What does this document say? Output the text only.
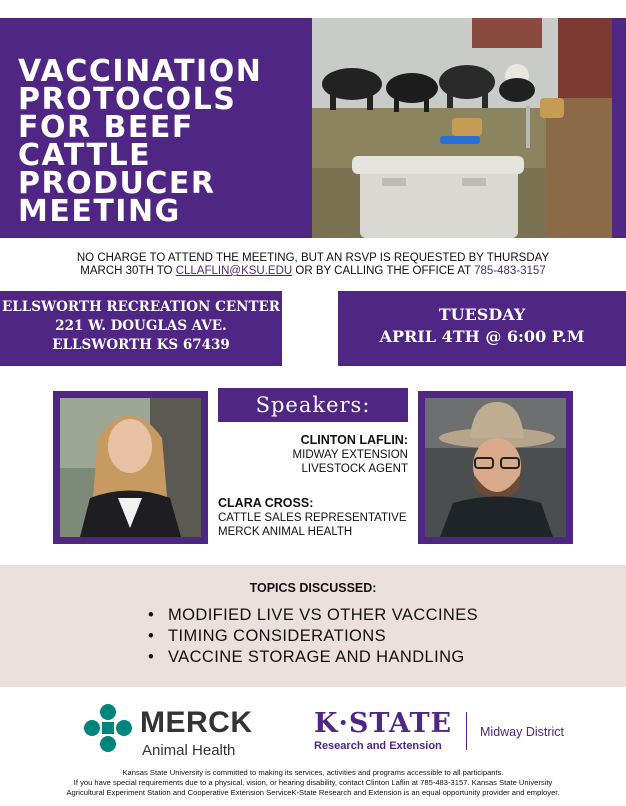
VACCINATION PROTOCOLS FOR BEEF CATTLE PRODUCER MEETING
NO CHARGE TO ATTEND THE MEETING, BUT AN RSVP IS REQUESTED BY THURSDAY
MARCH 30TH TO CLLAFLIN@KSU.EDU OR BY CALLING THE OFFICE AT 785-483-3157
ELLSWORTH RECREATION CENTER
221 W. DOUGLAS AVE.
ELLSWORTH KS 67439
TUESDAY
APRIL 4TH @ 6:00 P.M
Speakers:
CLINTON LAFLIN:
MIDWAY EXTENSION
LIVESTOCK AGENT
CLARA CROSS:
CATTLE SALES REPRESENTATIVE
MERCK ANIMAL HEALTH
TOPICS DISCUSSED:
• MODIFIED LIVE VS OTHER VACCINES
• TIMING CONSIDERATIONS
• VACCINE STORAGE AND HANDLING
MERCK
Animal Health
K·STATE
Research and Extension
Midway District
Kansas State University is committed to making its services, activities and programs accessible to all participants.
If you have special requirements due to a physical, vision, or hearing disability, contact Clinton Laflin at 785-483-3157. Kansas State University
Agricultural Experiment Station and Cooperative Extension ServiceK-State Research and Extension is an equal opportunity provider and employer.
